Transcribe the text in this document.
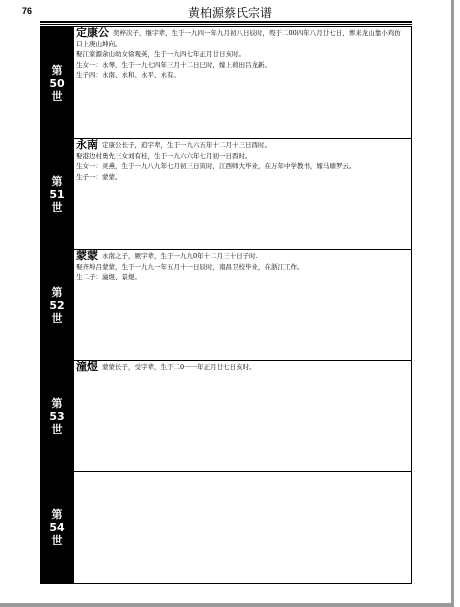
76	黄柏源蔡氏宗谱
第
50
世
定康公 奕梓次子，继字辈，生于一九四一年九月初八日辰时，殁于二00四年八月廿七日，葬来龙山靠小鸡仿口上庚山坤向。
娶江家源余山幼女徐观英，生于一九四七年正月廿日亥时。
生女一：永琴，生于一九七四年三月十二日巳时，嫁上荷田吕龙新。
生子四：永南、永和、永平、永有。
第
51
世
永南 定康公长子，追字辈，生于一九六五年十二月十三日酉时。
娶港边村勇先三女刘有桂，生于一九六六年七月初一日酉时。
生女一：灵燕，生于一九八九年七月初三日寅时，江西师大毕业，在万年中学教书，嫁马塘罗云。
生子一：蒙蒙。
第
52
世
蒙蒙 永南之子，厥字辈，生于一九九0年十二月三十日子时.
娶齐埠吕蒙蒙，生于一九九一年五月十一日辰时，南昌卫校毕业，在浙江工作。
生二子：潼煜、景煜。
第
53
世
潼煜 蒙蒙长子，受字辈，生于二0一一年正月廿七日亥时。
第
54
世
